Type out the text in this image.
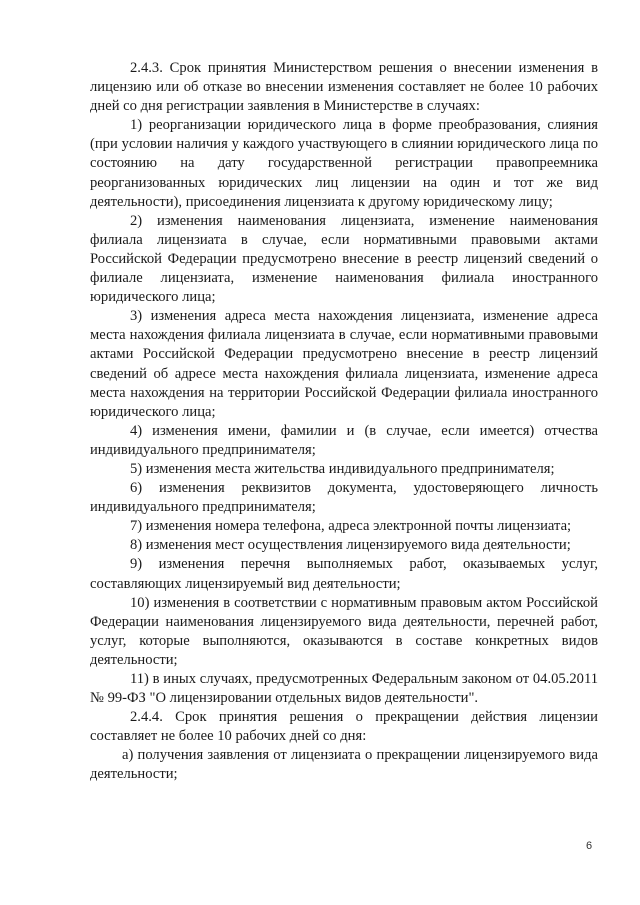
2.4.3. Срок принятия Министерством решения о внесении изменения в лицензию или об отказе во внесении изменения составляет не более 10 рабочих дней со дня регистрации заявления в Министерстве в случаях:

1) реорганизации юридического лица в форме преобразования, слияния (при условии наличия у каждого участвующего в слиянии юридического лица по состоянию на дату государственной регистрации правопреемника реорганизованных юридических лиц лицензии на один и тот же вид деятельности), присоединения лицензиата к другому юридическому лицу;

2) изменения наименования лицензиата, изменение наименования филиала лицензиата в случае, если нормативными правовыми актами Российской Федерации предусмотрено внесение в реестр лицензий сведений о филиале лицензиата, изменение наименования филиала иностранного юридического лица;

3) изменения адреса места нахождения лицензиата, изменение адреса места нахождения филиала лицензиата в случае, если нормативными правовыми актами Российской Федерации предусмотрено внесение в реестр лицензий сведений об адресе места нахождения филиала лицензиата, изменение адреса места нахождения на территории Российской Федерации филиала иностранного юридического лица;

4) изменения имени, фамилии и (в случае, если имеется) отчества индивидуального предпринимателя;

5) изменения места жительства индивидуального предпринимателя;

6) изменения реквизитов документа, удостоверяющего личность индивидуального предпринимателя;

7) изменения номера телефона, адреса электронной почты лицензиата;

8) изменения мест осуществления лицензируемого вида деятельности;

9) изменения перечня выполняемых работ, оказываемых услуг, составляющих лицензируемый вид деятельности;

10) изменения в соответствии с нормативным правовым актом Российской Федерации наименования лицензируемого вида деятельности, перечней работ, услуг, которые выполняются, оказываются в составе конкретных видов деятельности;

11) в иных случаях, предусмотренных Федеральным законом от 04.05.2011 № 99-ФЗ "О лицензировании отдельных видов деятельности".

2.4.4. Срок принятия решения о прекращении действия лицензии составляет не более 10 рабочих дней со дня:

а) получения заявления от лицензиата о прекращении лицензируемого вида деятельности;

6
